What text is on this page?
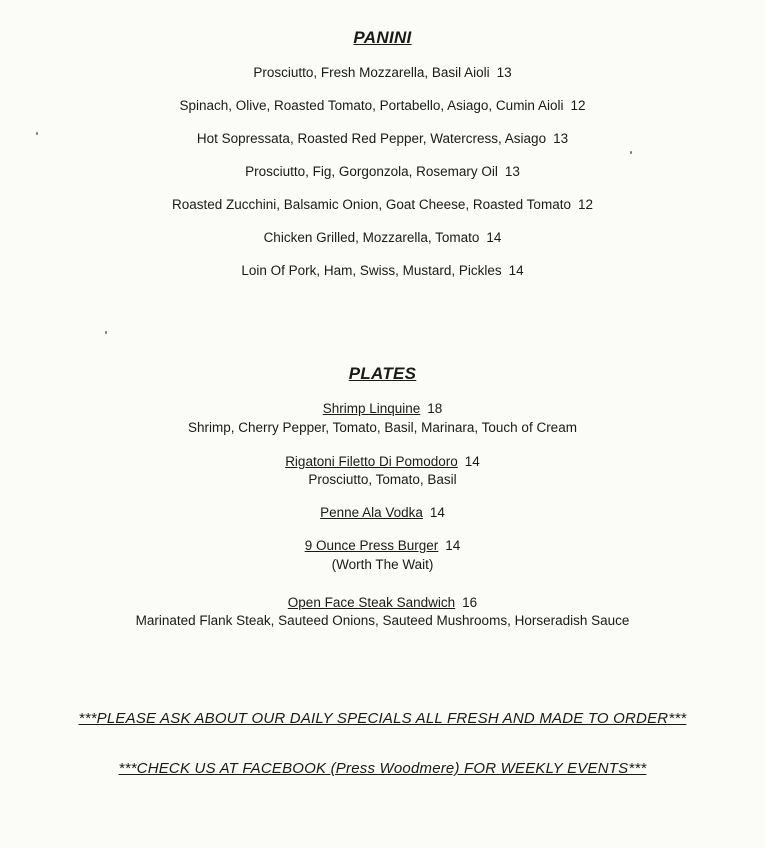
PANINI
Prosciutto, Fresh Mozzarella, Basil Aioli 13
Spinach, Olive, Roasted Tomato, Portabello, Asiago, Cumin Aioli 12
Hot Sopressata, Roasted Red Pepper, Watercress, Asiago 13
Prosciutto, Fig, Gorgonzola, Rosemary Oil 13
Roasted Zucchini, Balsamic Onion, Goat Cheese, Roasted Tomato 12
Chicken Grilled, Mozzarella, Tomato 14
Loin Of Pork, Ham, Swiss, Mustard, Pickles 14
PLATES
Shrimp Linquine 18
Shrimp, Cherry Pepper, Tomato, Basil, Marinara, Touch of Cream
Rigatoni Filetto Di Pomodoro 14
Prosciutto, Tomato, Basil
Penne Ala Vodka 14
9 Ounce Press Burger 14
(Worth The Wait)
Open Face Steak Sandwich 16
Marinated Flank Steak, Sauteed Onions, Sauteed Mushrooms, Horseradish Sauce
***PLEASE ASK ABOUT OUR DAILY SPECIALS ALL FRESH AND MADE TO ORDER***
***CHECK US AT FACEBOOK (Press Woodmere) FOR WEEKLY EVENTS***
